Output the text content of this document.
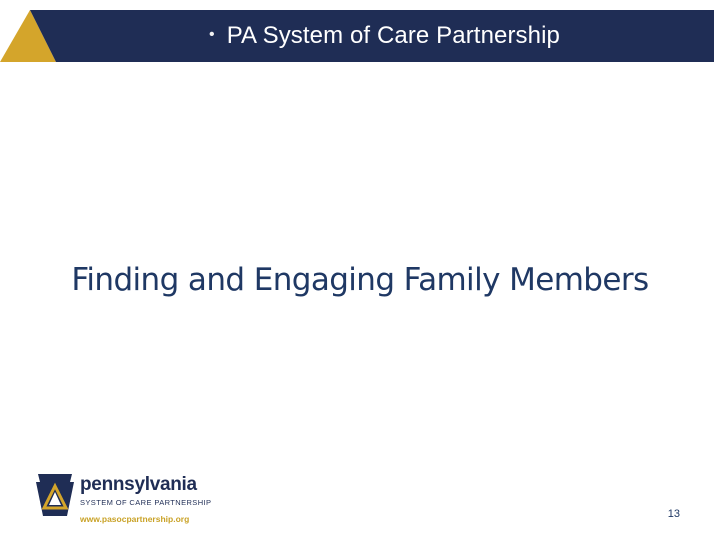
• PA System of Care Partnership
Finding and Engaging Family Members
pennsylvania
SYSTEM OF CARE PARTNERSHIP
www.pasocpartnership.org	13
